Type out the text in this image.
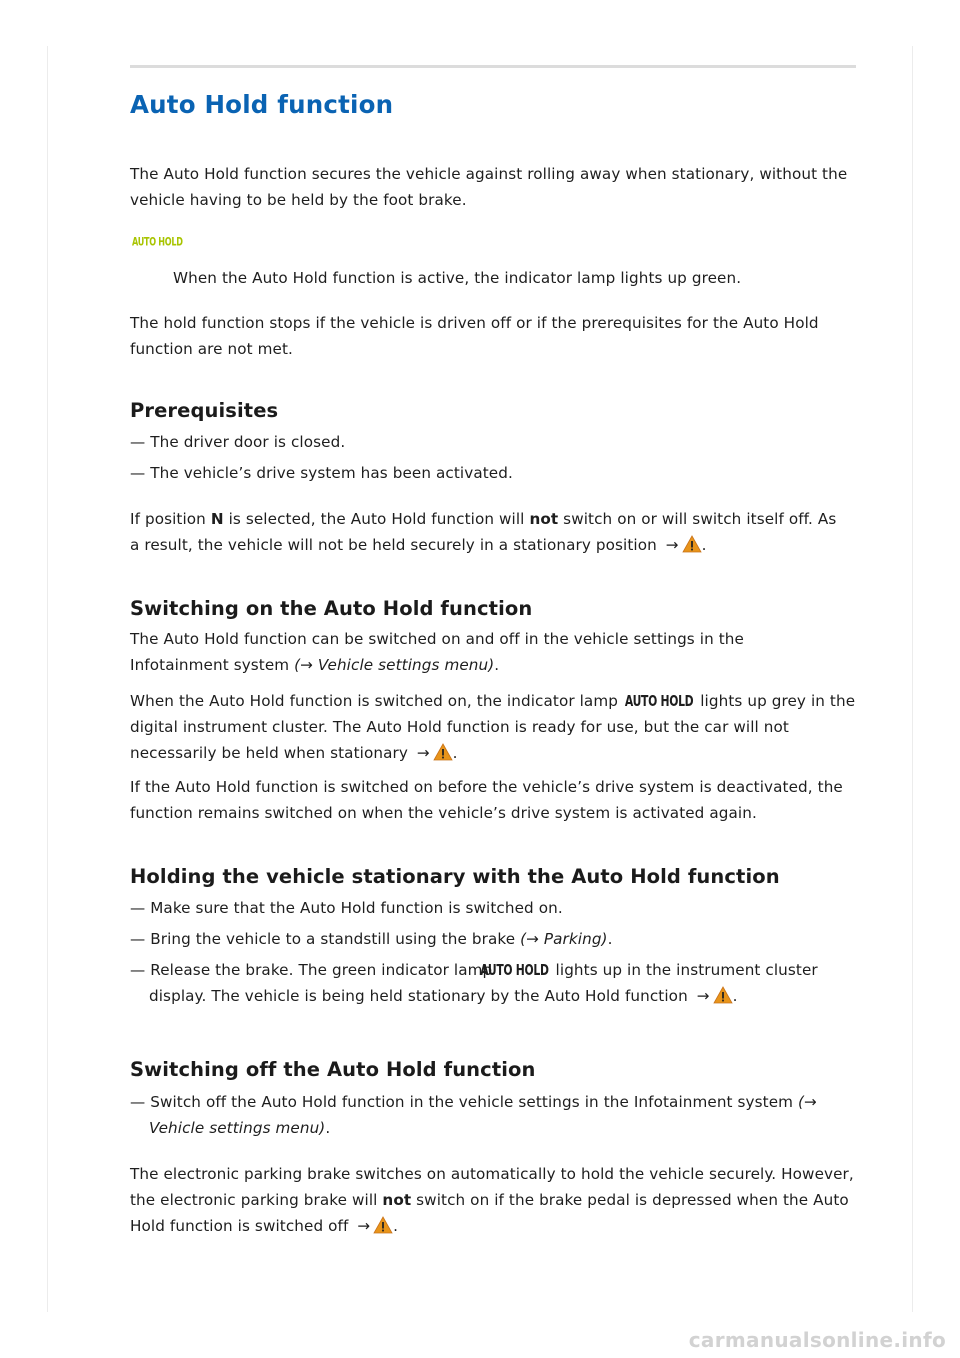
Auto Hold function

The Auto Hold function secures the vehicle against rolling away when stationary, without the vehicle having to be held by the foot brake.

AUTO HOLD

When the Auto Hold function is active, the indicator lamp lights up green.

The hold function stops if the vehicle is driven off or if the prerequisites for the Auto Hold function are not met.

Prerequisites

— The driver door is closed.

— The vehicle’s drive system has been activated.

If position N is selected, the Auto Hold function will not switch on or will switch itself off. As a result, the vehicle will not be held securely in a stationary position → .

Switching on the Auto Hold function

The Auto Hold function can be switched on and off in the vehicle settings in the Infotainment system (→ Vehicle settings menu).

When the Auto Hold function is switched on, the indicator lamp AUTO HOLD lights up grey in the digital instrument cluster. The Auto Hold function is ready for use, but the car will not necessarily be held when stationary → .

If the Auto Hold function is switched on before the vehicle’s drive system is deactivated, the function remains switched on when the vehicle’s drive system is activated again.

Holding the vehicle stationary with the Auto Hold function

— Make sure that the Auto Hold function is switched on.

— Bring the vehicle to a standstill using the brake (→ Parking).

— Release the brake. The green indicator lamp AUTO HOLD lights up in the instrument cluster display. The vehicle is being held stationary by the Auto Hold function → .

Switching off the Auto Hold function

— Switch off the Auto Hold function in the vehicle settings in the Infotainment system (→ Vehicle settings menu).

The electronic parking brake switches on automatically to hold the vehicle securely. However, the electronic parking brake will not switch on if the brake pedal is depressed when the Auto Hold function is switched off → .

carmanualsonline.info
